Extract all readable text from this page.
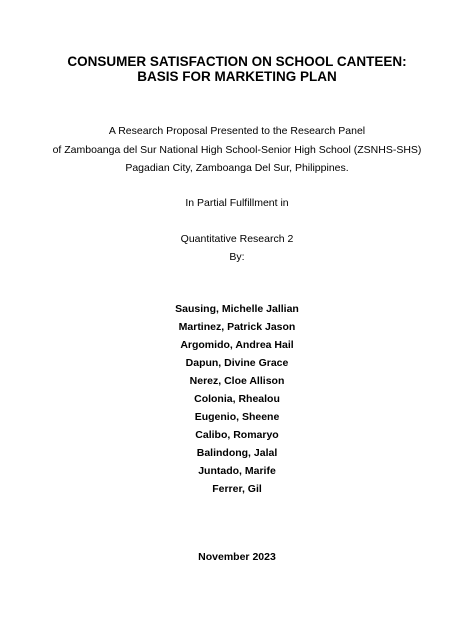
CONSUMER SATISFACTION ON SCHOOL CANTEEN:
BASIS FOR MARKETING PLAN
A Research Proposal Presented to the Research Panel
of Zamboanga del Sur National High School-Senior High School (ZSNHS-SHS)
Pagadian City, Zamboanga Del Sur, Philippines.
In Partial Fulfillment in
Quantitative Research 2
By:
Sausing, Michelle Jallian
Martinez, Patrick Jason
Argomido, Andrea Hail
Dapun, Divine Grace
Nerez, Cloe Allison
Colonia, Rhealou
Eugenio, Sheene
Calibo, Romaryo
Balindong, Jalal
Juntado, Marife
Ferrer, Gil
November 2023
